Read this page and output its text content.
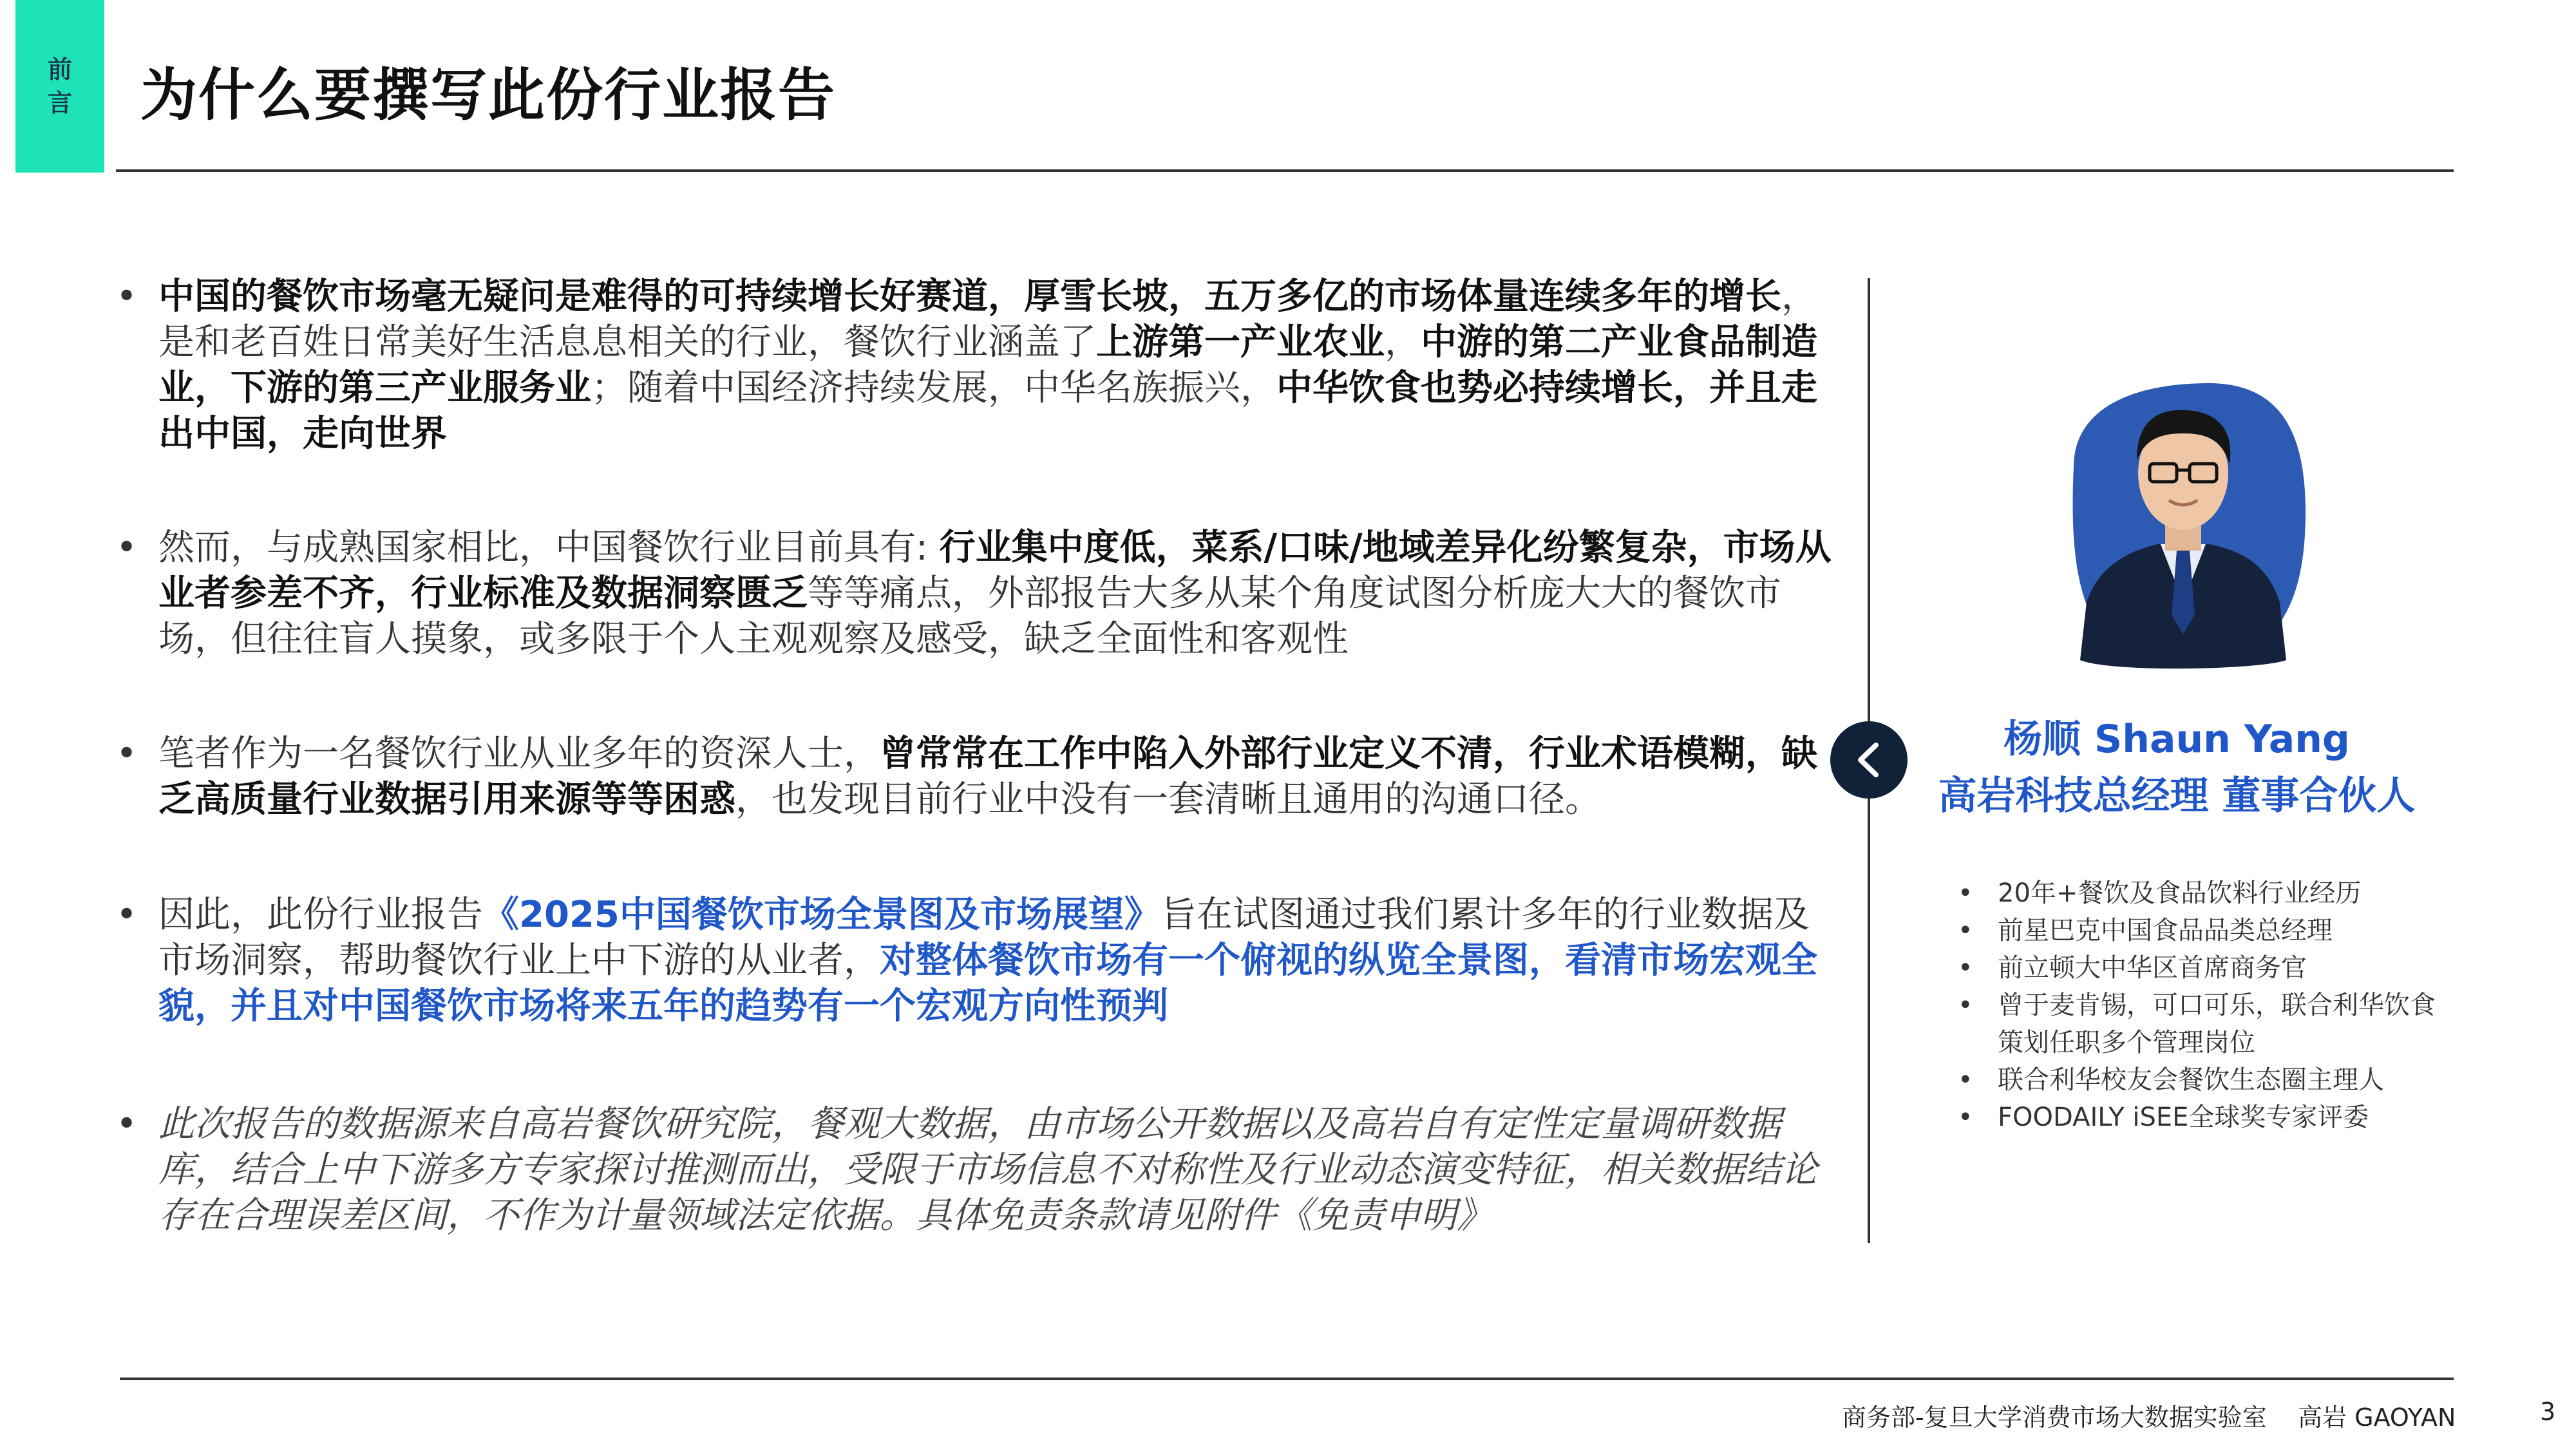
前
言 为什么要撰写此份行业报告
• 中国的餐饮市场毫无疑问是难得的可持续增长好赛道，厚雪长坡，五万多亿的市场体量连续多年的增长，是和老百姓日常美好生活息息相关的行业，餐饮行业涵盖了上游第一产业农业，中游的第二产业食品制造业，下游的第三产业服务业；随着中国经济持续发展，中华名族振兴，中华饮食也势必持续增长，并且走出中国，走向世界
• 然而，与成熟国家相比，中国餐饮行业目前具有: 行业集中度低，菜系/口味/地域差异化纷繁复杂，市场从业者参差不齐，行业标准及数据洞察匮乏等等痛点，外部报告大多从某个角度试图分析庞大大的餐饮市场，但往往盲人摸象，或多限于个人主观观察及感受，缺乏全面性和客观性
• 笔者作为一名餐饮行业从业多年的资深人士，曾常常在工作中陷入外部行业定义不清，行业术语模糊，缺乏高质量行业数据引用来源等等困惑，也发现目前行业中没有一套清晰且通用的沟通口径。
• 因此，此份行业报告《2025中国餐饮市场全景图及市场展望》旨在试图通过我们累计多年的行业数据及市场洞察，帮助餐饮行业上中下游的从业者，对整体餐饮市场有一个俯视的纵览全景图，看清市场宏观全貌，并且对中国餐饮市场将来五年的趋势有一个宏观方向性预判
• 此次报告的数据源来自高岩餐饮研究院，餐观大数据，由市场公开数据以及高岩自有定性定量调研数据库，结合上中下游多方专家探讨推测而出，受限于市场信息不对称性及行业动态演变特征，相关数据结论存在合理误差区间，不作为计量领域法定依据。具体免责条款请见附件《免责申明》
杨顺 Shaun Yang
高岩科技总经理 董事合伙人
• 20年+餐饮及食品饮料行业经历
• 前星巴克中国食品品类总经理
• 前立顿大中华区首席商务官
• 曾于麦肯锡，可口可乐，联合利华饮食策划任职多个管理岗位
• 联合利华校友会餐饮生态圈主理人
• FOODAILY iSEE全球奖专家评委
商务部-复旦大学消费市场大数据实验室 高岩 GAOYAN	3
